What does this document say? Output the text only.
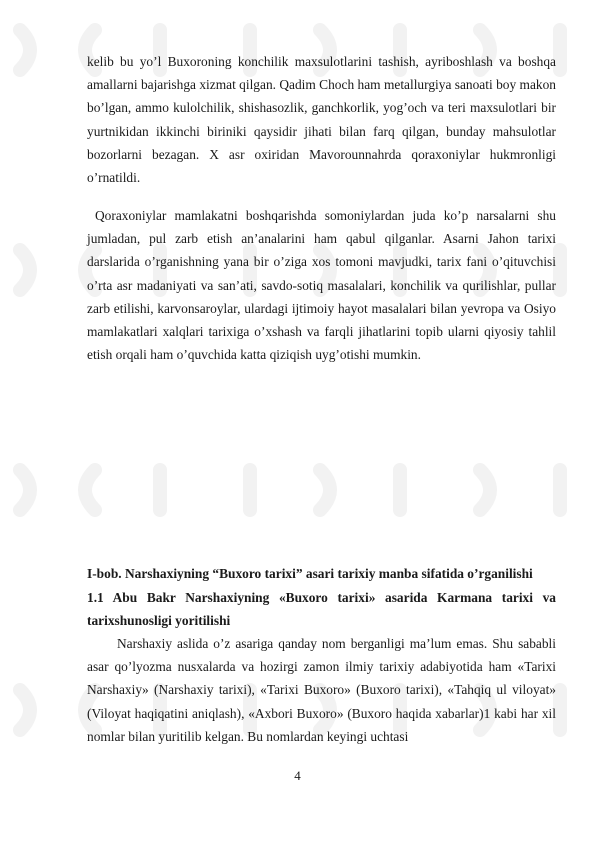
kelib bu yo’l Buxoroning konchilik maxsulotlarini tashish, ayriboshlash va boshqa amallarni bajarishga xizmat qilgan. Qadim Choch ham metallurgiya sanoati boy makon bo’lgan, ammo kulolchilik, shishasozlik, ganchkorlik, yog’och va teri maxsulotlari bir yurtnikidan ikkinchi biriniki qaysidir jihati bilan farq qilgan, bunday mahsulotlar bozorlarni bezagan. X asr oxiridan Mavorounnahrda qoraxoniylar hukmronligi o’rnatildi.

Qoraxoniylar mamlakatni boshqarishda somoniylardan juda ko’p narsalarni shu jumladan, pul zarb etish an’analarini ham qabul qilganlar. Asarni Jahon tarixi darslarida o’rganishning yana bir o’ziga xos tomoni mavjudki, tarix fani o’qituvchisi o’rta asr madaniyati va san’ati, savdo-sotiq masalalari, konchilik va qurilishlar, pullar zarb etilishi, karvonsaroylar, ulardagi ijtimoiy hayot masalalari bilan yevropa va Osiyo mamlakatlari xalqlari tarixiga o’xshash va farqli jihatlarini topib ularni qiyosiy tahlil etish orqali ham o’quvchida katta qiziqish uyg’otishi mumkin.

I-bob. Narshaxiyning “Buxoro tarixi” asari tarixiy manba sifatida o’rganilishi

1.1 Abu Bakr Narshaxiyning «Buxoro tarixi» asarida Karmana tarixi va tarixshunosligi yoritilishi

Narshaxiy aslida o’z asariga qanday nom berganligi ma’lum emas. Shu sababli asar qo’lyozma nusxalarda va hozirgi zamon ilmiy tarixiy adabiyotida ham «Tarixi Narshaxiy» (Narshaxiy tarixi), «Tarixi Buxoro» (Buxoro tarixi), «Tahqiq ul viloyat» (Viloyat haqiqatini aniqlash), «Axbori Buxoro» (Buxoro haqida xabarlar)1 kabi har xil nomlar bilan yuritilib kelgan. Bu nomlardan keyingi uchtasi

4
